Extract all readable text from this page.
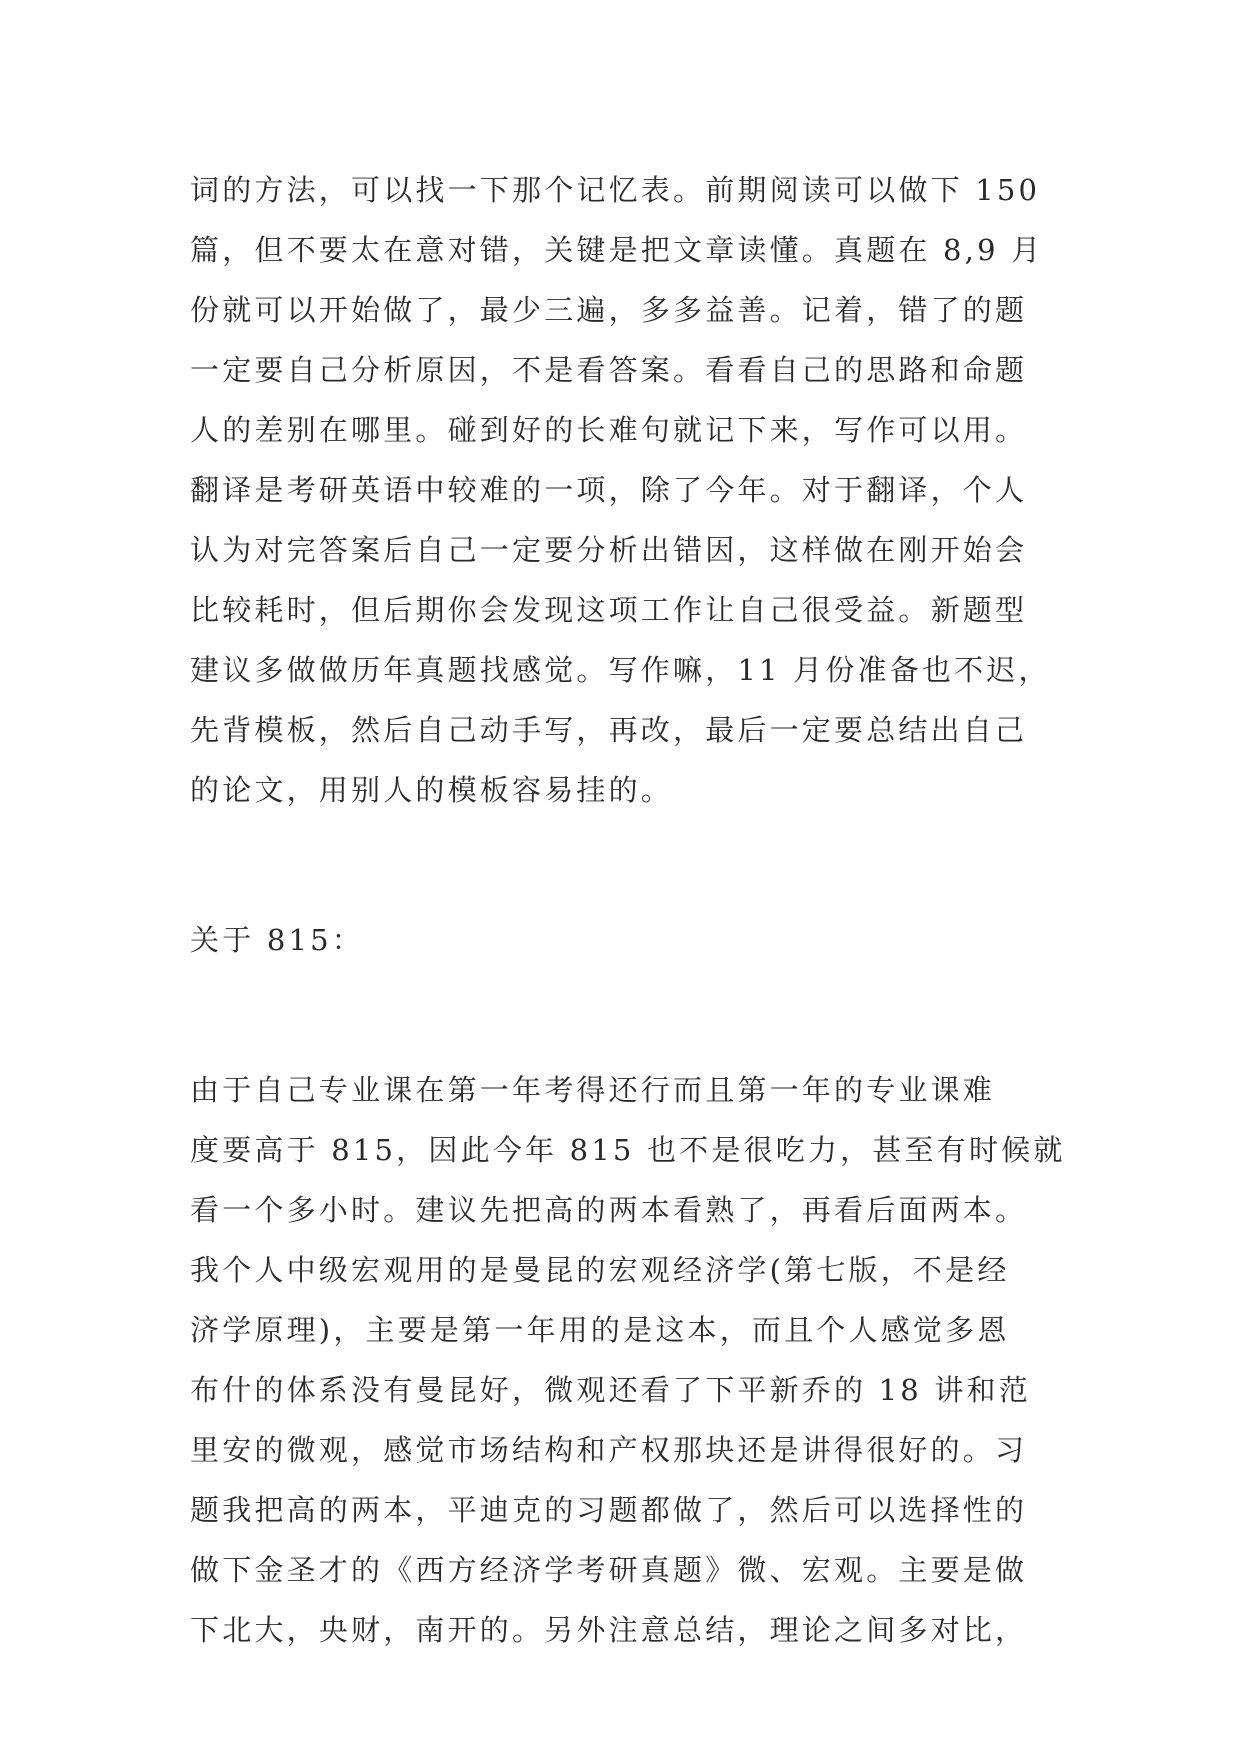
词的方法，可以找一下那个记忆表。前期阅读可以做下 150
篇，但不要太在意对错，关键是把文章读懂。真题在 8,9 月
份就可以开始做了，最少三遍，多多益善。记着，错了的题
一定要自己分析原因，不是看答案。看看自己的思路和命题
人的差别在哪里。碰到好的长难句就记下来，写作可以用。
翻译是考研英语中较难的一项，除了今年。对于翻译，个人
认为对完答案后自己一定要分析出错因，这样做在刚开始会
比较耗时，但后期你会发现这项工作让自己很受益。新题型
建议多做做历年真题找感觉。写作嘛，11 月份准备也不迟，
先背模板，然后自己动手写，再改，最后一定要总结出自己
的论文，用别人的模板容易挂的。
关于 815：
由于自己专业课在第一年考得还行而且第一年的专业课难
度要高于 815，因此今年 815 也不是很吃力，甚至有时候就
看一个多小时。建议先把高的两本看熟了，再看后面两本。
我个人中级宏观用的是曼昆的宏观经济学(第七版，不是经
济学原理)，主要是第一年用的是这本，而且个人感觉多恩
布什的体系没有曼昆好，微观还看了下平新乔的 18 讲和范
里安的微观，感觉市场结构和产权那块还是讲得很好的。习
题我把高的两本，平迪克的习题都做了，然后可以选择性的
做下金圣才的《西方经济学考研真题》微、宏观。主要是做
下北大，央财，南开的。另外注意总结，理论之间多对比，
